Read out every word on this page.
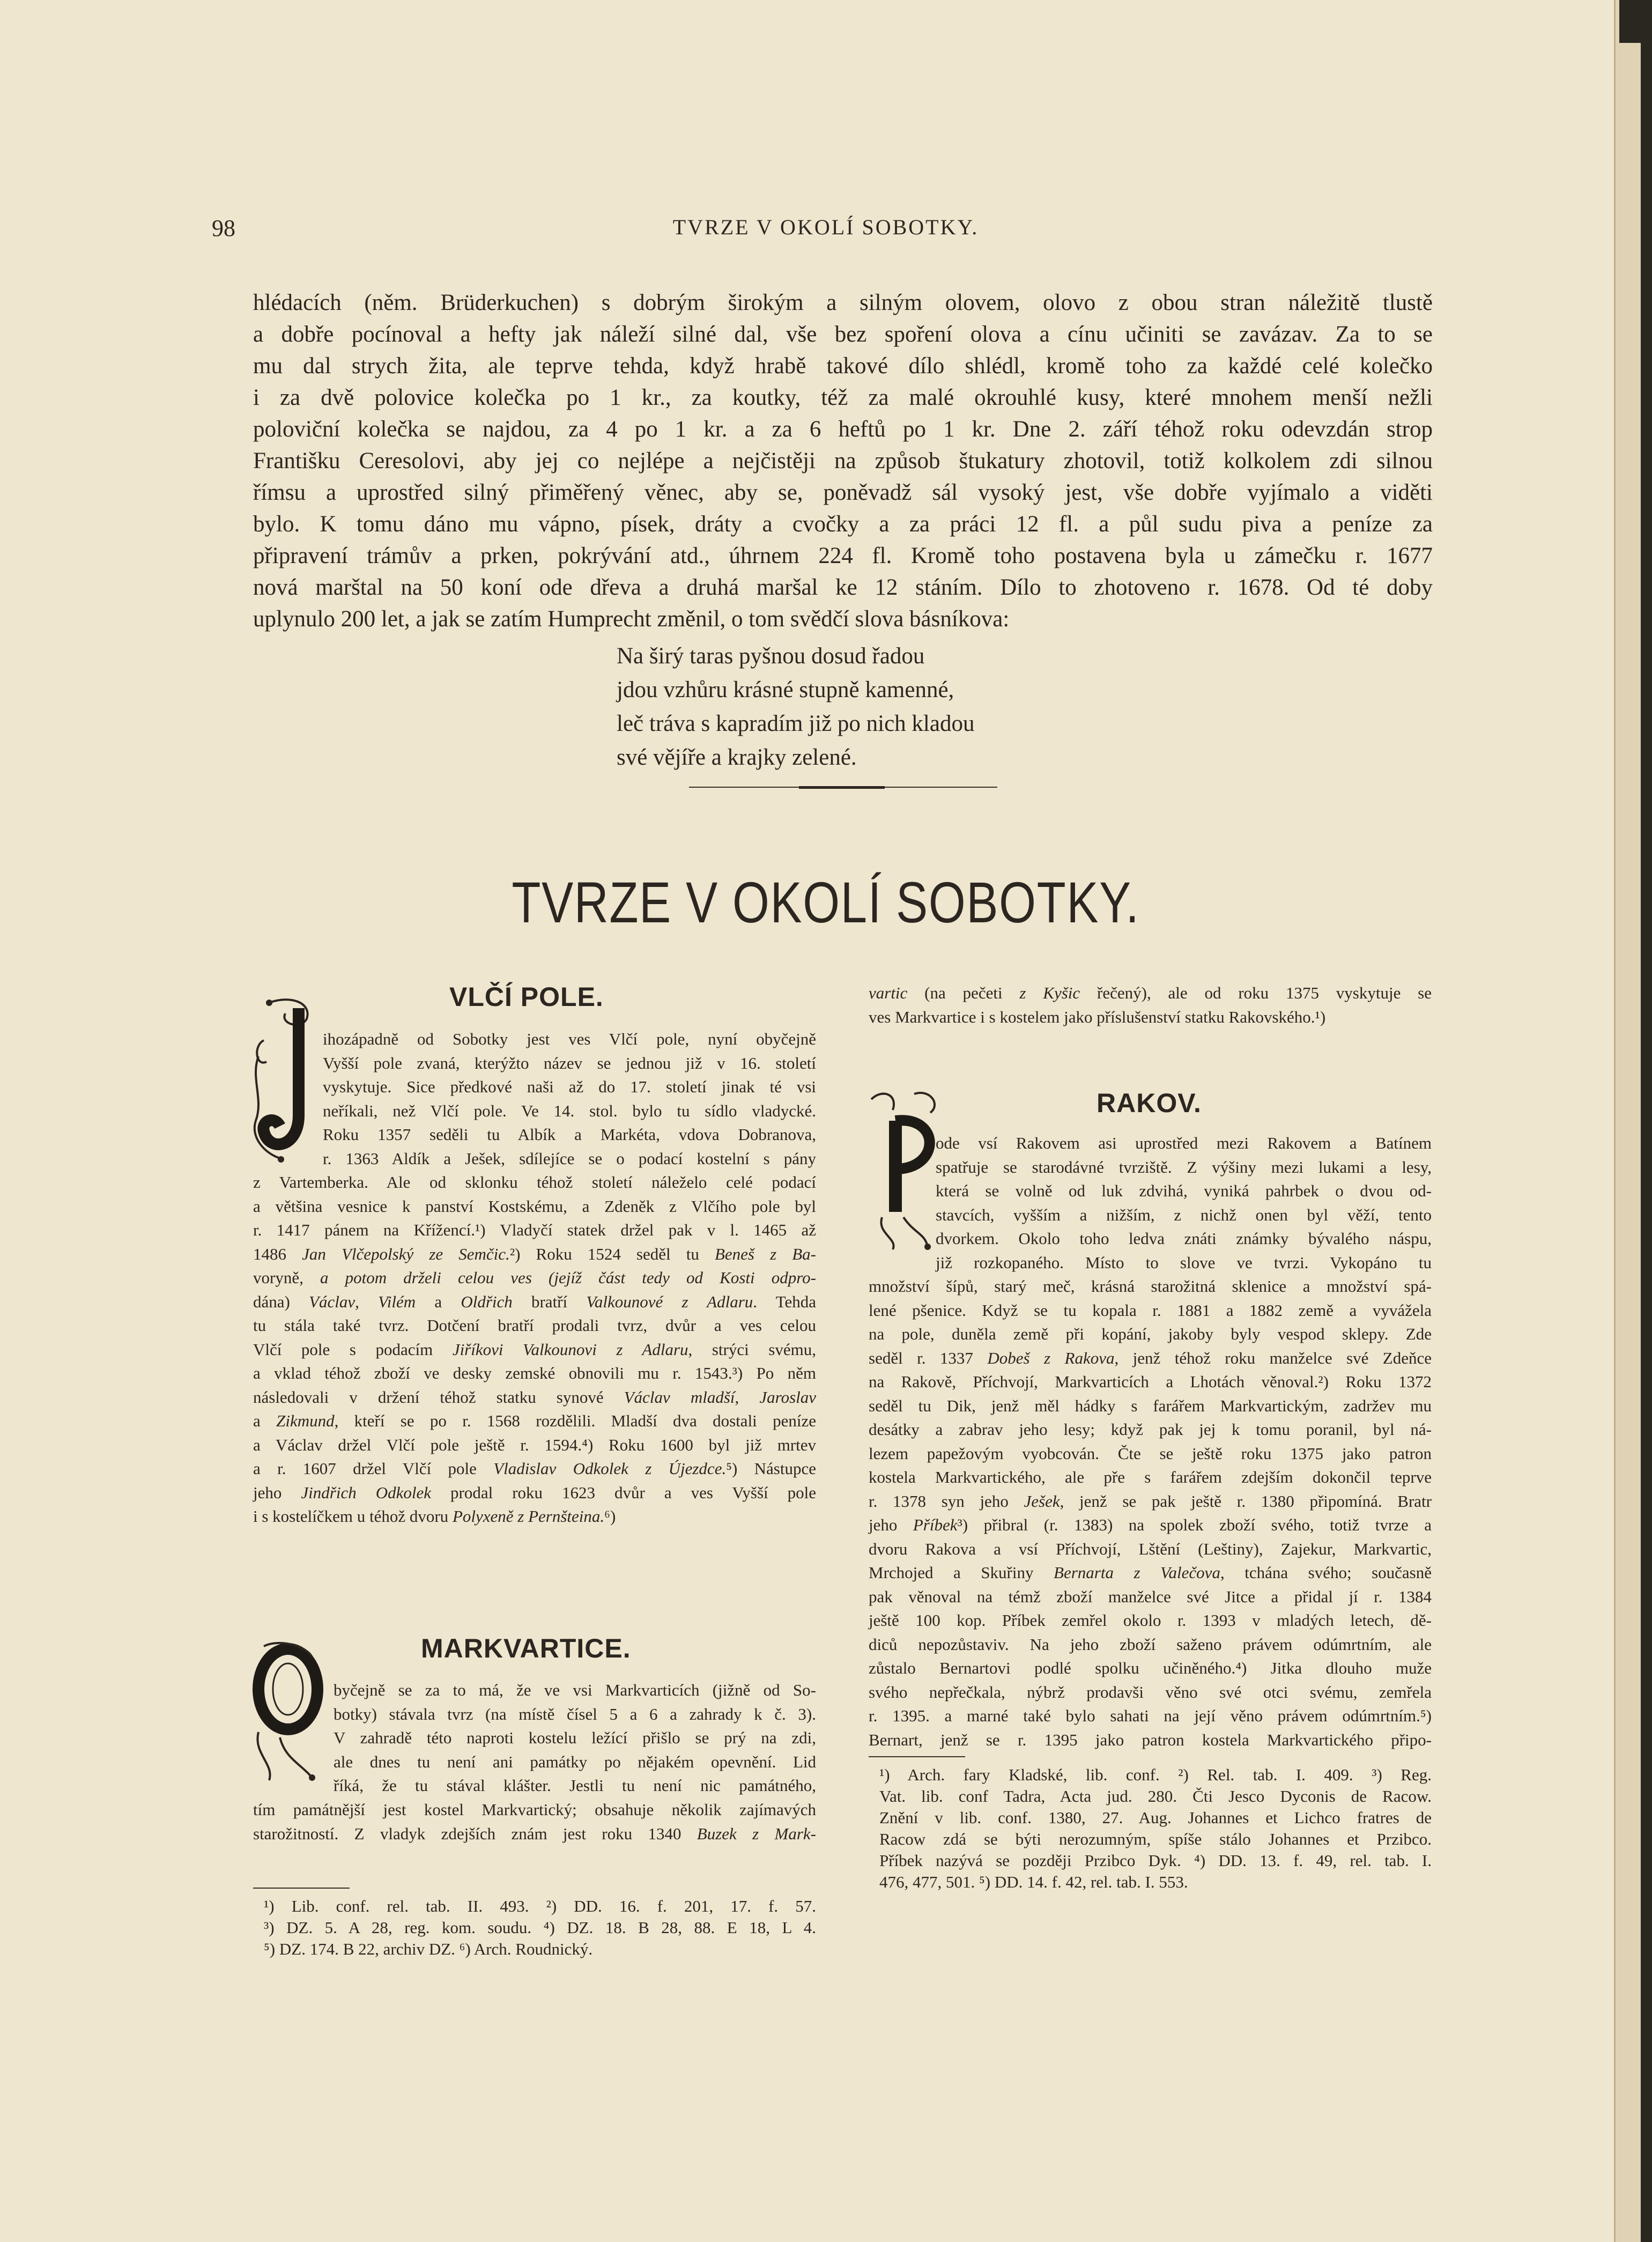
98	TVRZE V OKOLÍ SOBOTKY.
hlédacích (něm. Brüderkuchen) s dobrým širokým a silným olovem, olovo z obou stran náležitě tlustě
a dobře pocínoval a hefty jak náleží silné dal, vše bez spoření olova a cínu učiniti se zavázav. Za to se
mu dal strych žita, ale teprve tehda, když hrabě takové dílo shlédl, kromě toho za každé celé kolečko
i za dvě polovice kolečka po 1 kr., za koutky, též za malé okrouhlé kusy, které mnohem menší nežli
poloviční kolečka se najdou, za 4 po 1 kr. a za 6 heftů po 1 kr. Dne 2. září téhož roku odevzdán strop
Františku Ceresolovi, aby jej co nejlépe a nejčistěji na způsob štukatury zhotovil, totiž kolkolem zdi silnou
římsu a uprostřed silný přiměřený věnec, aby se, poněvadž sál vysoký jest, vše dobře vyjímalo a viděti
bylo. K tomu dáno mu vápno, písek, dráty a cvočky a za práci 12 fl. a půl sudu piva a peníze za
připravení trámův a prken, pokrývání atd., úhrnem 224 fl. Kromě toho postavena byla u zámečku r. 1677
nová marštal na 50 koní ode dřeva a druhá maršal ke 12 stáním. Dílo to zhotoveno r. 1678. Od té doby
uplynulo 200 let, a jak se zatím Humprecht změnil, o tom svědčí slova básníkova:
Na širý taras pyšnou dosud řadou
jdou vzhůru krásné stupně kamenné,
leč tráva s kapradím již po nich kladou
své vějíře a krajky zelené.
TVRZE V OKOLÍ SOBOTKY.
VLČÍ POLE.
ihozápadně od Sobotky jest ves Vlčí pole, nyní obyčejně
Vyšší pole zvaná, kterýžto název se jednou již v 16. století
vyskytuje. Sice předkové naši až do 17. století jinak té vsi
neříkali, než Vlčí pole. Ve 14. stol. bylo tu sídlo vladycké.
Roku 1357 seděli tu Albík a Markéta, vdova Dobranova,
r. 1363 Aldík a Ješek, sdílejíce se o podací kostelní s pány
z Vartemberka. Ale od sklonku téhož století náleželo celé podací
a většina vesnice k panství Kostskému, a Zdeněk z Vlčího pole byl
r. 1417 pánem na Křížencí.¹) Vladyčí statek držel pak v l. 1465 až
1486 Jan Vlčepolský ze Semčic.²) Roku 1524 seděl tu Beneš z Ba-
voryně, a potom drželi celou ves (jejíž část tedy od Kosti odpro-
dána) Václav, Vilém a Oldřich bratří Valkounové z Adlaru. Tehda
tu stála také tvrz. Dotčení bratří prodali tvrz, dvůr a ves celou
Vlčí pole s podacím Jiříkovi Valkounovi z Adlaru, strýci svému,
a vklad téhož zboží ve desky zemské obnovili mu r. 1543.³) Po něm
následovali v držení téhož statku synové Václav mladší, Jaroslav
a Zikmund, kteří se po r. 1568 rozdělili. Mladší dva dostali peníze
a Václav držel Vlčí pole ještě r. 1594.⁴) Roku 1600 byl již mrtev
a r. 1607 držel Vlčí pole Vladislav Odkolek z Újezdce.⁵) Nástupce
jeho Jindřich Odkolek prodal roku 1623 dvůr a ves Vyšší pole
i s kostelíčkem u téhož dvoru Polyxeně z Pernšteina.⁶)
MARKVARTICE.
byčejně se za to má, že ve vsi Markvarticích (jižně od So-
botky) stávala tvrz (na místě čísel 5 a 6 a zahrady k č. 3).
V zahradě této naproti kostelu ležící přišlo se prý na zdi,
ale dnes tu není ani památky po nějakém opevnění. Lid
říká, že tu stával klášter. Jestli tu není nic památného,
tím památnější jest kostel Markvartický; obsahuje několik zajímavých
starožitností. Z vladyk zdejších znám jest roku 1340 Buzek z Mark-
¹) Lib. conf. rel. tab. II. 493. ²) DD. 16. f. 201, 17. f. 57.
³) DZ. 5. A 28, reg. kom. soudu. ⁴) DZ. 18. B 28, 88. E 18, L 4.
⁵) DZ. 174. B 22, archiv DZ. ⁶) Arch. Roudnický.
vartic (na pečeti z Kyšic řečený), ale od roku 1375 vyskytuje se
ves Markvartice i s kostelem jako příslušenství statku Rakovského.¹)
RAKOV.
ode vsí Rakovem asi uprostřed mezi Rakovem a Batínem
spatřuje se starodávné tvrziště. Z výšiny mezi lukami a lesy,
která se volně od luk zdvihá, vyniká pahrbek o dvou od-
stavcích, vyšším a nižším, z nichž onen byl věží, tento
dvorkem. Okolo toho ledva znáti známky bývalého náspu,
již rozkopaného. Místo to slove ve tvrzi. Vykopáno tu
množství šípů, starý meč, krásná starožitná sklenice a množství spá-
lené pšenice. Když se tu kopala r. 1881 a 1882 země a vyvážela
na pole, duněla země při kopání, jakoby byly vespod sklepy. Zde
seděl r. 1337 Dobeš z Rakova, jenž téhož roku manželce své Zdeňce
na Rakově, Příchvojí, Markvarticích a Lhotách věnoval.²) Roku 1372
seděl tu Dik, jenž měl hádky s farářem Markvartickým, zadržev mu
desátky a zabrav jeho lesy; když pak jej k tomu poranil, byl ná-
lezem papežovým vyobcován. Čte se ještě roku 1375 jako patron
kostela Markvartického, ale pře s farářem zdejším dokončil teprve
r. 1378 syn jeho Ješek, jenž se pak ještě r. 1380 připomíná. Bratr
jeho Příbek³) přibral (r. 1383) na spolek zboží svého, totiž tvrze a
dvoru Rakova a vsí Příchvojí, Lštění (Leštiny), Zajekur, Markvartic,
Mrchojed a Skuřiny Bernarta z Valečova, tchána svého; současně
pak věnoval na témž zboží manželce své Jitce a přidal jí r. 1384
ještě 100 kop. Příbek zemřel okolo r. 1393 v mladých letech, dě-
diců nepozůstaviv. Na jeho zboží saženo právem odúmrtním, ale
zůstalo Bernartovi podlé spolku učiněného.⁴) Jitka dlouho muže
svého nepřečkala, nýbrž prodavši věno své otci svému, zemřela
r. 1395. a marné také bylo sahati na její věno právem odúmrtním.⁵)
Bernart, jenž se r. 1395 jako patron kostela Markvartického připo-
¹) Arch. fary Kladské, lib. conf. ²) Rel. tab. I. 409. ³) Reg.
Vat. lib. conf Tadra, Acta jud. 280. Čti Jesco Dyconis de Racow.
Znění v lib. conf. 1380, 27. Aug. Johannes et Lichco fratres de
Racow zdá se býti nerozumným, spíše stálo Johannes et Przibco.
Příbek nazývá se později Przibco Dyk. ⁴) DD. 13. f. 49, rel. tab. I.
476, 477, 501. ⁵) DD. 14. f. 42, rel. tab. I. 553.
